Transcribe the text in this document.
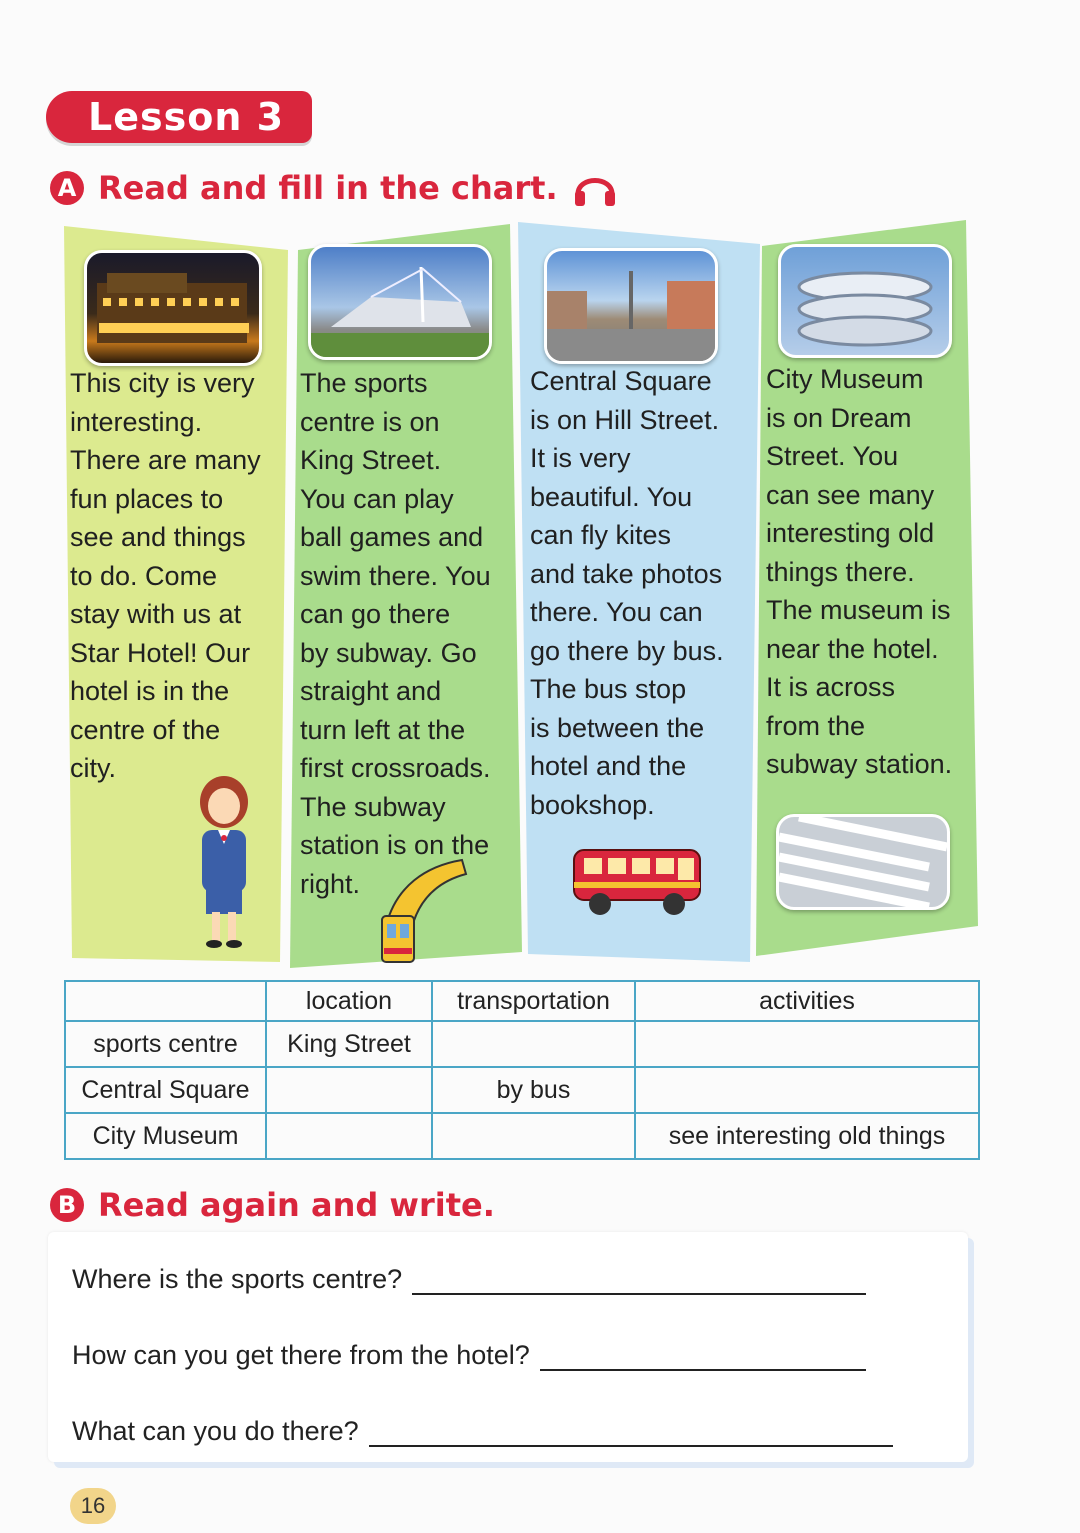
Lesson 3
A Read and fill in the chart.
This city is very
interesting.
There are many
fun places to
see and things
to do. Come
stay with us at
Star Hotel! Our
hotel is in the
centre of the
city.
The sports
centre is on
King Street.
You can play
ball games and
swim there. You
can go there
by subway. Go
straight and
turn left at the
first crossroads.
The subway
station is on the
right.
Central Square
is on Hill Street.
It is very
beautiful. You
can fly kites
and take photos
there. You can
go there by bus.
The bus stop
is between the
hotel and the
bookshop.
City Museum
is on Dream
Street. You
can see many
interesting old
things there.
The museum is
near the hotel.
It is across
from the
subway station.
	location	transportation	activities
sports centre	King Street		
Central Square		by bus	
City Museum			see interesting old things
B Read again and write.
Where is the sports centre?
How can you get there from the hotel?
What can you do there?
16
